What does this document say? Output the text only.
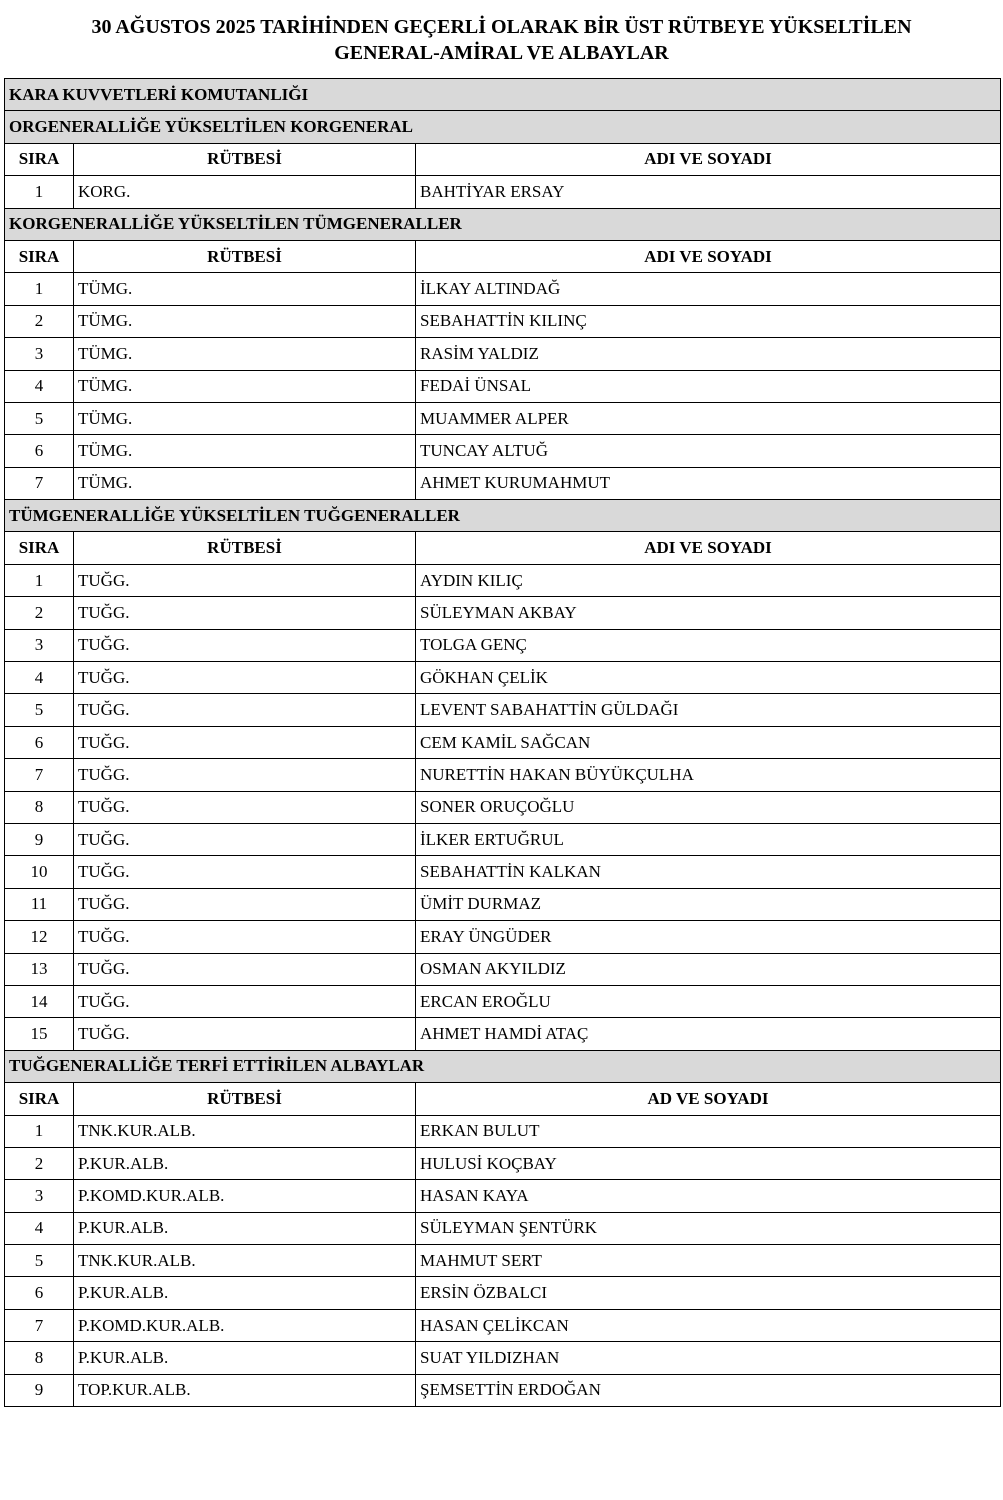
30 AĞUSTOS 2025 TARİHİNDEN GEÇERLİ OLARAK BİR ÜST RÜTBEYE YÜKSELTİLEN
GENERAL-AMİRAL VE ALBAYLAR
KARA KUVVETLERİ KOMUTANLIĞI		
ORGENERALLİĞE YÜKSELTİLEN KORGENERAL		
SIRA	RÜTBESİ	ADI VE SOYADI
1	KORG.	BAHTİYAR ERSAY
KORGENERALLİĞE YÜKSELTİLEN TÜMGENERALLER		
SIRA	RÜTBESİ	ADI VE SOYADI
1	TÜMG.	İLKAY ALTINDAĞ
2	TÜMG.	SEBAHATTİN KILINÇ
3	TÜMG.	RASİM YALDIZ
4	TÜMG.	FEDAİ ÜNSAL
5	TÜMG.	MUAMMER ALPER
6	TÜMG.	TUNCAY ALTUĞ
7	TÜMG.	AHMET KURUMAHMUT
TÜMGENERALLİĞE YÜKSELTİLEN TUĞGENERALLER		
SIRA	RÜTBESİ	ADI VE SOYADI
1	TUĞG.	AYDIN KILIÇ
2	TUĞG.	SÜLEYMAN AKBAY
3	TUĞG.	TOLGA GENÇ
4	TUĞG.	GÖKHAN ÇELİK
5	TUĞG.	LEVENT SABAHATTİN GÜLDAĞI
6	TUĞG.	CEM KAMİL SAĞCAN
7	TUĞG.	NURETTİN HAKAN BÜYÜKÇULHA
8	TUĞG.	SONER ORUÇOĞLU
9	TUĞG.	İLKER ERTUĞRUL
10	TUĞG.	SEBAHATTİN KALKAN
11	TUĞG.	ÜMİT DURMAZ
12	TUĞG.	ERAY ÜNGÜDER
13	TUĞG.	OSMAN AKYILDIZ
14	TUĞG.	ERCAN EROĞLU
15	TUĞG.	AHMET HAMDİ ATAÇ
TUĞGENERALLİĞE TERFİ ETTİRİLEN ALBAYLAR		
SIRA	RÜTBESİ	AD VE SOYADI
1	TNK.KUR.ALB.	ERKAN BULUT
2	P.KUR.ALB.	HULUSİ KOÇBAY
3	P.KOMD.KUR.ALB.	HASAN KAYA
4	P.KUR.ALB.	SÜLEYMAN ŞENTÜRK
5	TNK.KUR.ALB.	MAHMUT SERT
6	P.KUR.ALB.	ERSİN ÖZBALCI
7	P.KOMD.KUR.ALB.	HASAN ÇELİKCAN
8	P.KUR.ALB.	SUAT YILDIZHAN
9	TOP.KUR.ALB.	ŞEMSETTİN ERDOĞAN
